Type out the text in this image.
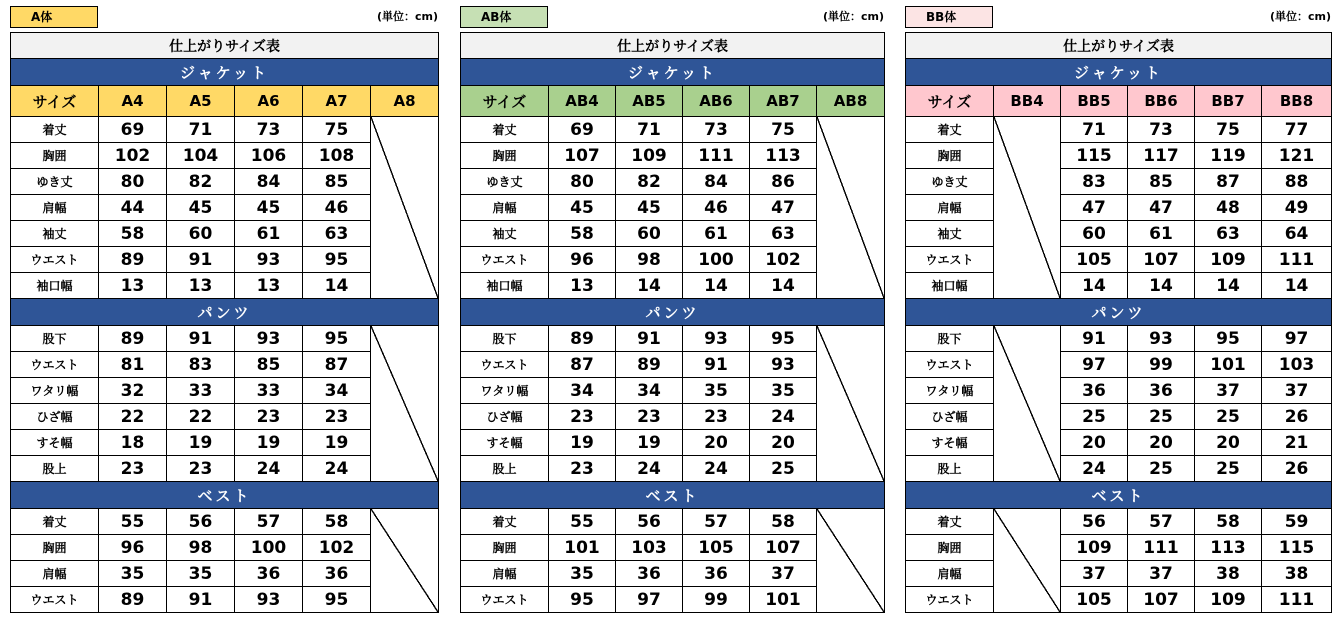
A体	(単位：cm)
仕上がりサイズ表					
ジャケット					
サイズ	A4	A5	A6	A7	A8
着丈	69	71	73	75	
胸囲	102	104	106	108	
ゆき丈	80	82	84	85	
肩幅	44	45	45	46	
袖丈	58	60	61	63	
ウエスト	89	91	93	95	
袖口幅	13	13	13	14	
パンツ					
股下	89	91	93	95	
ウエスト	81	83	85	87	
ワタリ幅	32	33	33	34	
ひざ幅	22	22	23	23	
すそ幅	18	19	19	19	
股上	23	23	24	24	
ベスト					
着丈	55	56	57	58	
胸囲	96	98	100	102	
肩幅	35	35	36	36	
ウエスト	89	91	93	95	
AB体	(単位：cm)
仕上がりサイズ表					
ジャケット					
サイズ	AB4	AB5	AB6	AB7	AB8
着丈	69	71	73	75	
胸囲	107	109	111	113	
ゆき丈	80	82	84	86	
肩幅	45	45	46	47	
袖丈	58	60	61	63	
ウエスト	96	98	100	102	
袖口幅	13	14	14	14	
パンツ					
股下	89	91	93	95	
ウエスト	87	89	91	93	
ワタリ幅	34	34	35	35	
ひざ幅	23	23	23	24	
すそ幅	19	19	20	20	
股上	23	24	24	25	
ベスト					
着丈	55	56	57	58	
胸囲	101	103	105	107	
肩幅	35	36	36	37	
ウエスト	95	97	99	101	
BB体	(単位：cm)
仕上がりサイズ表					
ジャケット					
サイズ	BB4	BB5	BB6	BB7	BB8
着丈		71	73	75	77
胸囲		115	117	119	121
ゆき丈		83	85	87	88
肩幅		47	47	48	49
袖丈		60	61	63	64
ウエスト		105	107	109	111
袖口幅		14	14	14	14
パンツ					
股下		91	93	95	97
ウエスト		97	99	101	103
ワタリ幅		36	36	37	37
ひざ幅		25	25	25	26
すそ幅		20	20	20	21
股上		24	25	25	26
ベスト					
着丈		56	57	58	59
胸囲		109	111	113	115
肩幅		37	37	38	38
ウエスト		105	107	109	111
